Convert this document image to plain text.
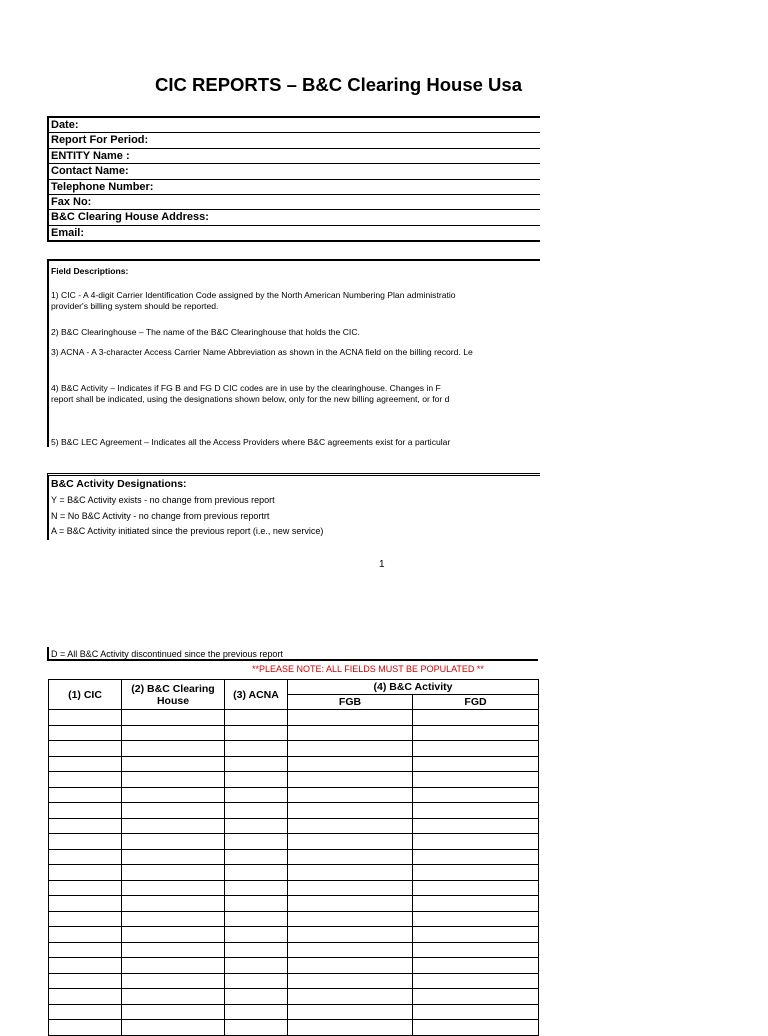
CIC REPORTS – B&C Clearing House Usa
Date:
Report For Period:
ENTITY Name :
Contact Name:
Telephone Number:
Fax No:
B&C Clearing House Address:
Email:
Field Descriptions:
1) CIC - A 4-digit Carrier Identification Code assigned by the North American Numbering Plan administratio
provider's billing system should be reported.
2) B&C Clearinghouse – The name of the B&C Clearinghouse that holds the CIC.
3) ACNA - A 3-character Access Carrier Name Abbreviation as shown in the ACNA field on the billing record. Le
4) B&C Activity – Indicates if FG B and FG D CIC codes are in use by the clearinghouse. Changes in F
report shall be indicated, using the designations shown below, only for the new billing agreement, or for d
5) B&C LEC Agreement – Indicates all the Access Providers where B&C agreements exist for a particular
B&C Activity Designations:
Y = B&C Activity exists - no change from previous report
N = No B&C Activity - no change from previous reportrt
A = B&C Activity initiated since the previous report (i.e., new service)
1
D = All B&C Activity discontinued since the previous report
**PLEASE NOTE: ALL FIELDS MUST BE POPULATED **
(1) CIC	(2) B&C Clearing House	(3) ACNA	(4) B&C Activity	
			FGB	FGD
